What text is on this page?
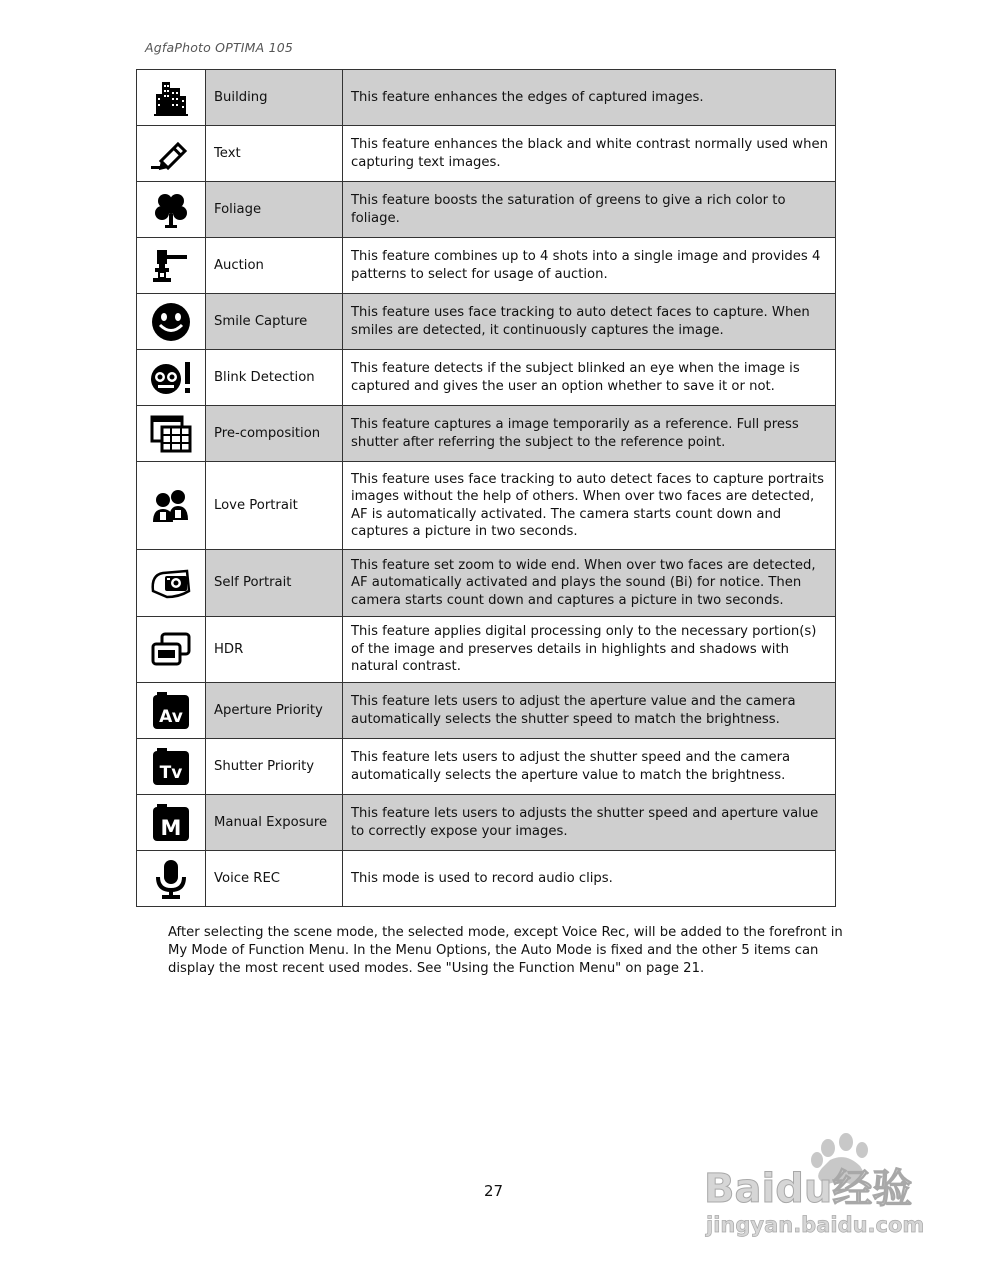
AgfaPhoto OPTIMA 105
	Building	This feature enhances the edges of captured images.

	Text	This feature enhances the black and white contrast normally used when capturing text images.

	Foliage	This feature boosts the saturation of greens to give a rich color to foliage.

	Auction	This feature combines up to 4 shots into a single image and provides 4 patterns to select for usage of auction.

	Smile Capture	This feature uses face tracking to auto detect faces to capture. When smiles are detected, it continuously captures the image.

	Blink Detection	This feature detects if the subject blinked an eye when the image is captured and gives the user an option whether to save it or not.

	Pre-composition	This feature captures a image temporarily as a reference. Full press shutter after referring the subject to the reference point.

	Love Portrait	This feature uses face tracking to auto detect faces to capture portraits images without the help of others. When over two faces are detected, AF is automatically activated. The camera starts count down and captures a picture in two seconds.

	Self Portrait	This feature set zoom to wide end. When over two faces are detected, AF automatically activated and plays the sound (Bi) for notice. Then camera starts count down and captures a picture in two seconds.

	HDR	This feature applies digital processing only to the necessary portion(s) of the image and preserves details in highlights and shadows with natural contrast.

Av	Aperture Priority	This feature lets users to adjust the aperture value and the camera automatically selects the shutter speed to match the brightness.

Tv	Shutter Priority	This feature lets users to adjust the shutter speed and the camera automatically selects the aperture value to match the brightness.

M	Manual Exposure	This feature lets users to adjusts the shutter speed and aperture value to correctly expose your images.

	Voice REC	This mode is used to record audio clips.
After selecting the scene mode, the selected mode, except Voice Rec, will be added to the forefront in My Mode of Function Menu. In the Menu Options, the Auto Mode is fixed and the other 5 items can display the most recent used modes. See "Using the Function Menu" on page 21.
27	Baidu经验
jingyan.baidu.com
